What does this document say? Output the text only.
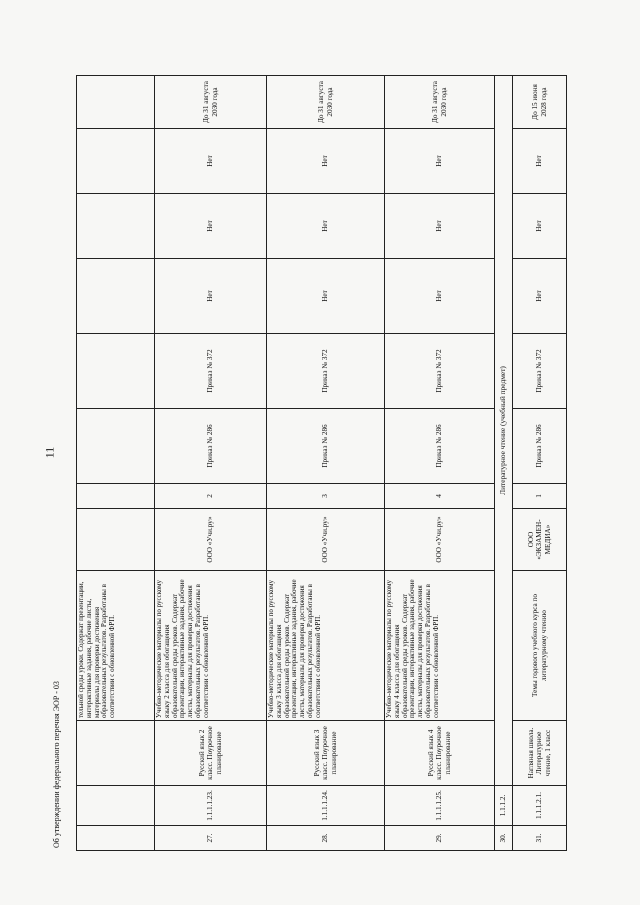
11
			тельной среды уроки. Содержат презентации, интерактивные задания, рабочие листы, материалы для проверки достижения образовательных результатов. Разработаны в соответствии с обновленной ФРП.								
27.	1.1.1.1.23.	Русский язык 2 класс. Поурочное планирование	Учебно-методические материалы по русскому языку 2 класса для обогащения образовательной среды уроков. Содержат презентации, интерактивные задания, рабочие листы, материалы для проверки достижения образовательных результатов. Разработаны в соответствии с обновленной ФРП.	ООО «Учи.ру»	2	Приказ № 286	Приказ № 372	Нет	Нет	Нет	До 31 августа 2030 года
28.	1.1.1.1.24.	Русский язык 3 класс. Поурочное планирование	Учебно-методические материалы по русскому языку 3 класса для обогащения образовательной среды уроков. Содержат презентации, интерактивные задания, рабочие листы, материалы для проверки достижения образовательных результатов. Разработаны в соответствии с обновленной ФРП.	ООО «Учи.ру»	3	Приказ № 286	Приказ № 372	Нет	Нет	Нет	До 31 августа 2030 года
29.	1.1.1.1.25.	Русский язык 4 класс. Поурочное планирование	Учебно-методические материалы по русскому языку 4 класса для обогащения образовательной среды уроков. Содержат презентации, интерактивные задания, рабочие листы, материалы для проверки достижения образовательных результатов. Разработаны в соответствии с обновленной ФРП.	ООО «Учи.ру»	4	Приказ № 286	Приказ № 372	Нет	Нет	Нет	До 31 августа 2030 года
30.	1.1.1.2.	Литературное чтение (учебный предмет)									
31.	1.1.1.2.1.	Нагляная школа. Литературное чтение, 1 класс	Темы годового учебного курса по литературному чтению	ООО «ЭКЗАМЕН-МЕДИА»	1	Приказ № 286	Приказ № 372	Нет	Нет	Нет	До 15 июня 2028 года
Об утверждении федерального перечня ЭОР - 03
